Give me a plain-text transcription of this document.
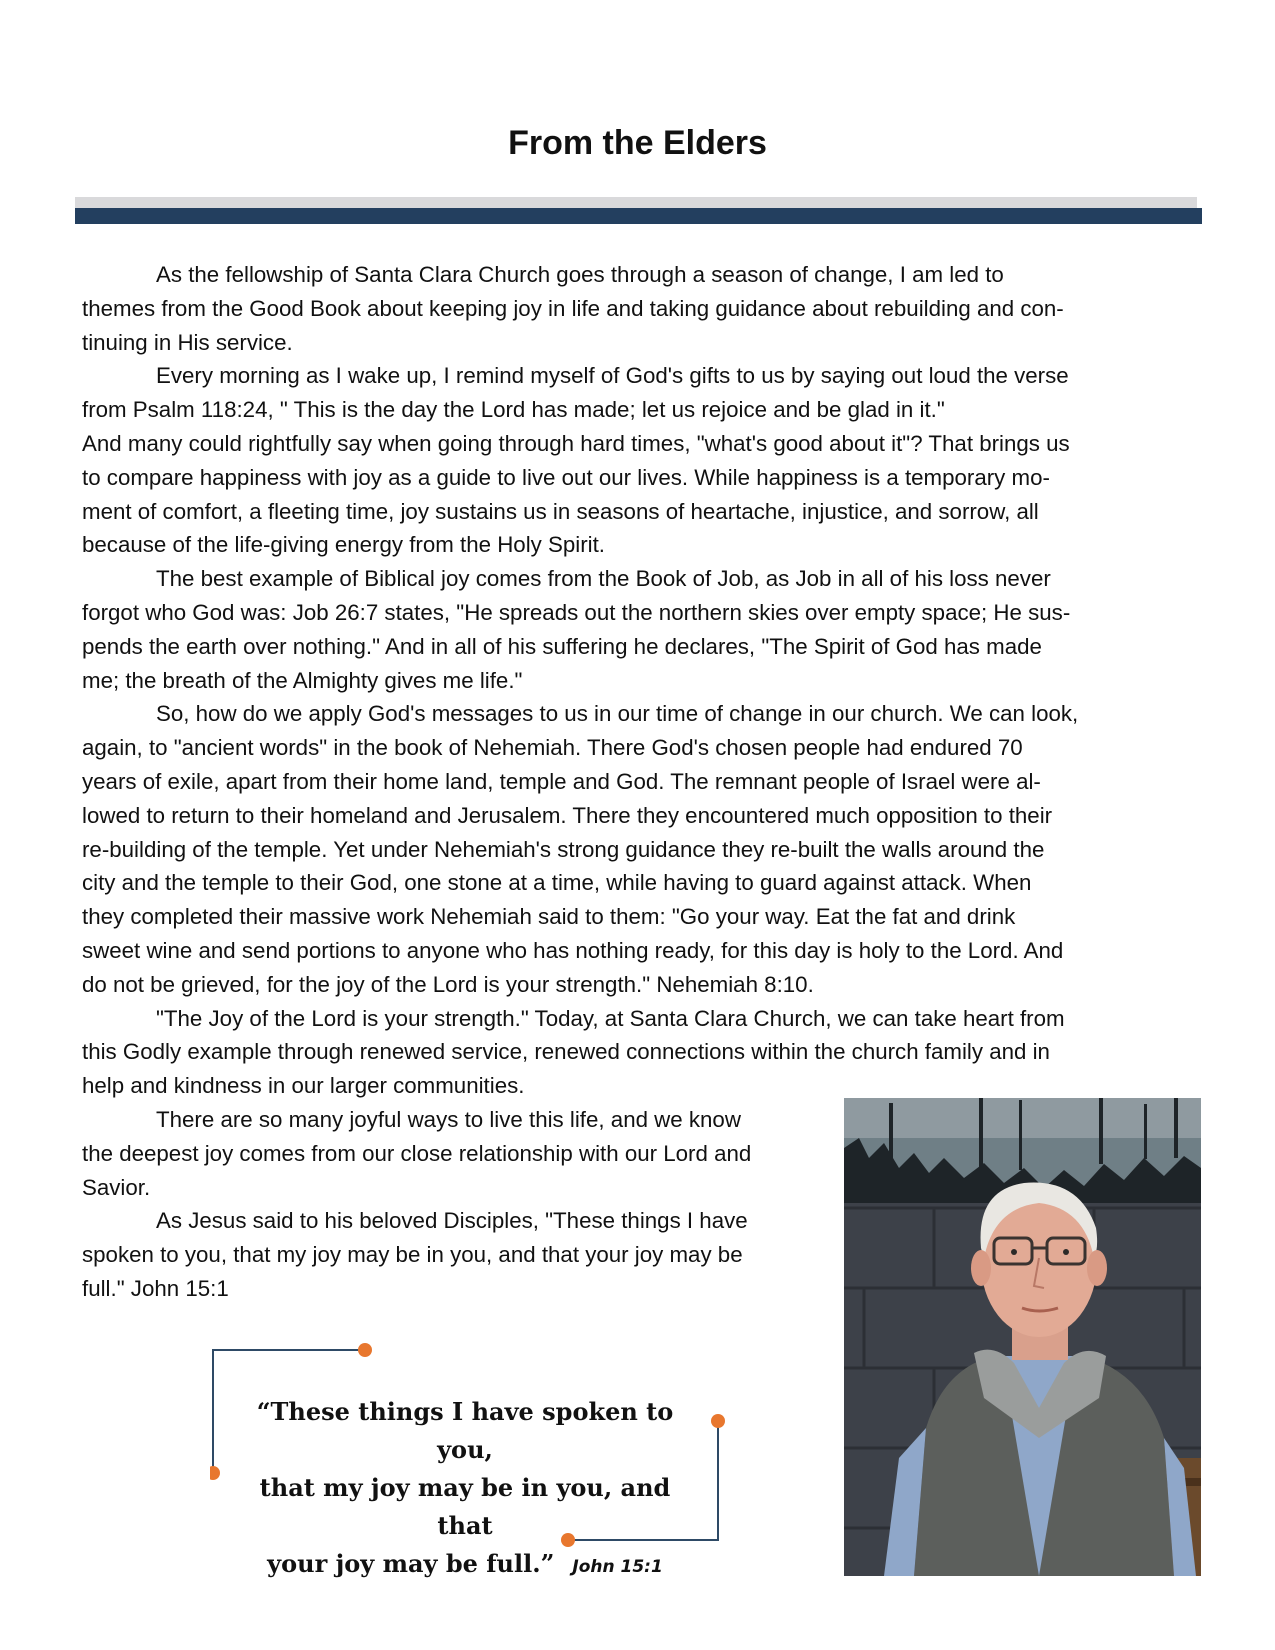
From the Elders

As the fellowship of Santa Clara Church goes through a season of change, I am led to

themes from the Good Book about keeping joy in life and taking guidance about rebuilding and con-

tinuing in His service.

Every morning as I wake up, I remind myself of God's gifts to us by saying out loud the verse

from Psalm 118:24, " This is the day the Lord has made; let us rejoice and be glad in it."

And many could rightfully say when going through hard times, "what's good about it"? That brings us

to compare happiness with joy as a guide to live out our lives. While happiness is a temporary mo-

ment of comfort, a fleeting time, joy sustains us in seasons of heartache, injustice, and sorrow, all

because of the life-giving energy from the Holy Spirit.

The best example of Biblical joy comes from the Book of Job, as Job in all of his loss never

forgot who God was: Job 26:7 states, "He spreads out the northern skies over empty space; He sus-

pends the earth over nothing." And in all of his suffering he declares, "The Spirit of God has made

me; the breath of the Almighty gives me life."

So, how do we apply God's messages to us in our time of change in our church. We can look,

again, to "ancient words" in the book of Nehemiah. There God's chosen people had endured 70

years of exile, apart from their home land, temple and God. The remnant people of Israel were al-

lowed to return to their homeland and Jerusalem. There they encountered much opposition to their

re-building of the temple. Yet under Nehemiah's strong guidance they re-built the walls around the

city and the temple to their God, one stone at a time, while having to guard against attack. When

they completed their massive work Nehemiah said to them: "Go your way. Eat the fat and drink

sweet wine and send portions to anyone who has nothing ready, for this day is holy to the Lord. And

do not be grieved, for the joy of the Lord is your strength." Nehemiah 8:10.

"The Joy of the Lord is your strength." Today, at Santa Clara Church, we can take heart from

this Godly example through renewed service, renewed connections within the church family and in

help and kindness in our larger communities.

There are so many joyful ways to live this life, and we know

the deepest joy comes from our close relationship with our Lord and

Savior.

As Jesus said to his beloved Disciples, "These things I have

spoken to you, that my joy may be in you, and that your joy may be

full." John 15:1

“These things I have spoken to you,
that my joy may be in you, and that
your joy may be full.” John 15:1
